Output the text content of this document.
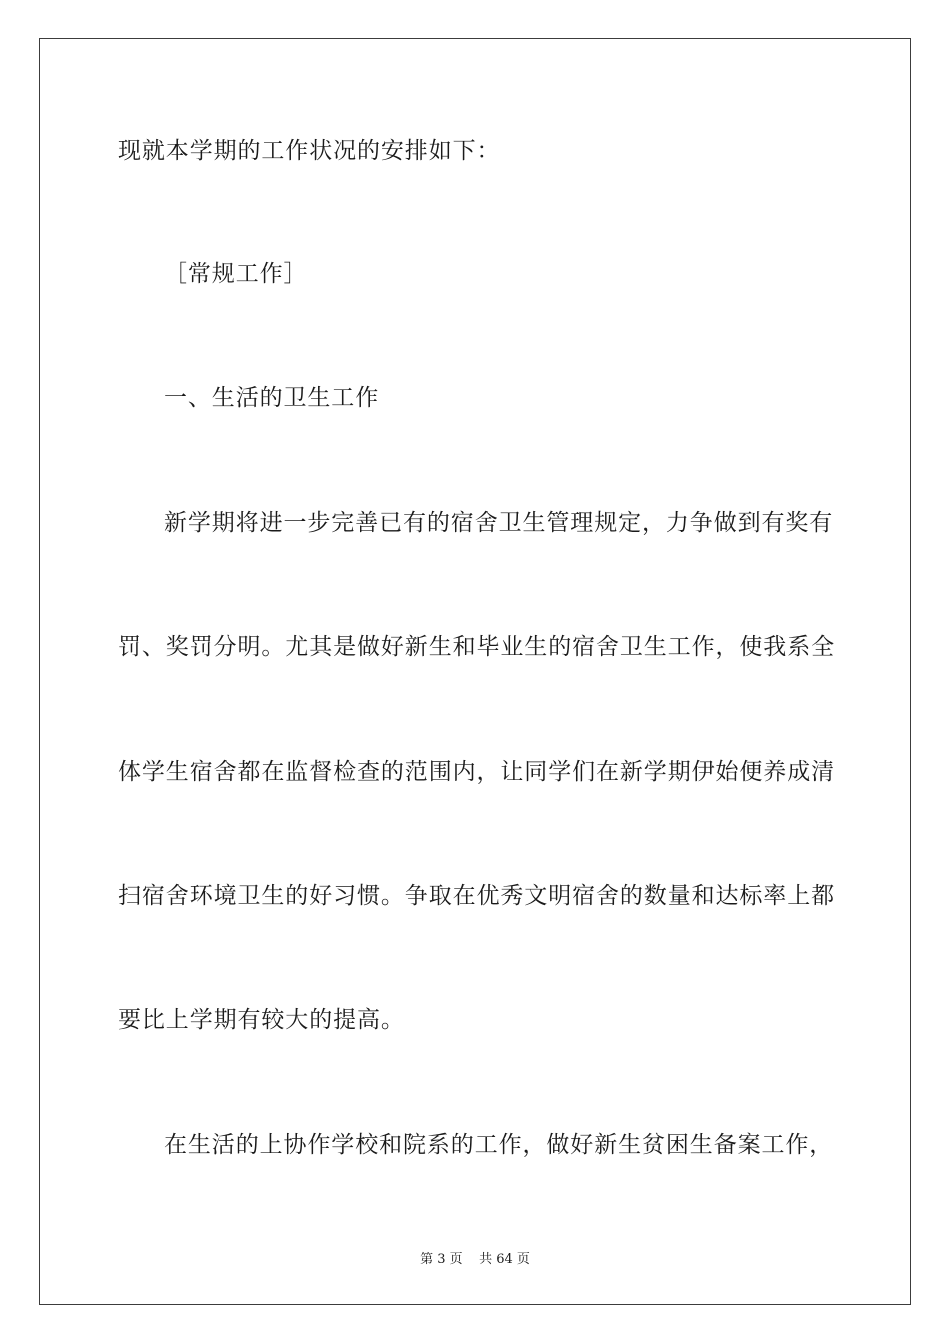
现就本学期的工作状况的安排如下：
［常规工作］
一、生活的卫生工作
新学期将进一步完善已有的宿舍卫生管理规定，力争做到有奖有
罚、奖罚分明。尤其是做好新生和毕业生的宿舍卫生工作，使我系全
体学生宿舍都在监督检查的范围内，让同学们在新学期伊始便养成清
扫宿舍环境卫生的好习惯。争取在优秀文明宿舍的数量和达标率上都
要比上学期有较大的提高。
在生活的上协作学校和院系的工作，做好新生贫困生备案工作，
第 3 页    共 64 页
